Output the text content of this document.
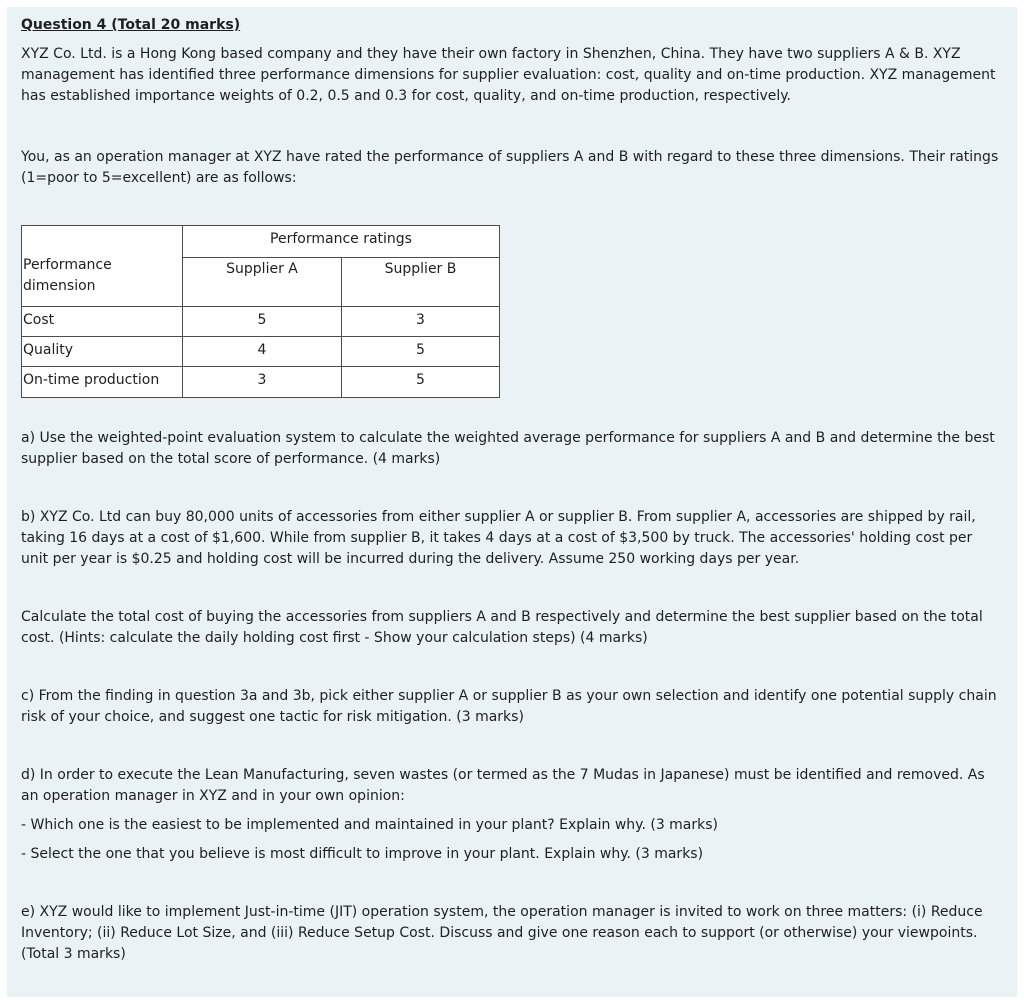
Question 4 (Total 20 marks)

XYZ Co. Ltd. is a Hong Kong based company and they have their own factory in Shenzhen, China. They have two suppliers A & B. XYZ management has identified three performance dimensions for supplier evaluation: cost, quality and on-time production. XYZ management has established importance weights of 0.2, 0.5 and 0.3 for cost, quality, and on-time production, respectively.

You, as an operation manager at XYZ have rated the performance of suppliers A and B with regard to these three dimensions. Their ratings (1=poor to 5=excellent) are as follows:

Performance ratings
Performance dimension
Supplier A	Supplier B
Cost	5	3
Quality	4	5
On-time production	3	5

a) Use the weighted-point evaluation system to calculate the weighted average performance for suppliers A and B and determine the best supplier based on the total score of performance. (4 marks)

b) XYZ Co. Ltd can buy 80,000 units of accessories from either supplier A or supplier B. From supplier A, accessories are shipped by rail, taking 16 days at a cost of $1,600. While from supplier B, it takes 4 days at a cost of $3,500 by truck. The accessories' holding cost per unit per year is $0.25 and holding cost will be incurred during the delivery. Assume 250 working days per year.

Calculate the total cost of buying the accessories from suppliers A and B respectively and determine the best supplier based on the total cost. (Hints: calculate the daily holding cost first - Show your calculation steps) (4 marks)

c) From the finding in question 3a and 3b, pick either supplier A or supplier B as your own selection and identify one potential supply chain risk of your choice, and suggest one tactic for risk mitigation. (3 marks)

d) In order to execute the Lean Manufacturing, seven wastes (or termed as the 7 Mudas in Japanese) must be identified and removed. As an operation manager in XYZ and in your own opinion:

- Which one is the easiest to be implemented and maintained in your plant? Explain why. (3 marks)

- Select the one that you believe is most difficult to improve in your plant. Explain why. (3 marks)

e) XYZ would like to implement Just-in-time (JIT) operation system, the operation manager is invited to work on three matters: (i) Reduce Inventory; (ii) Reduce Lot Size, and (iii) Reduce Setup Cost. Discuss and give one reason each to support (or otherwise) your viewpoints. (Total 3 marks)
